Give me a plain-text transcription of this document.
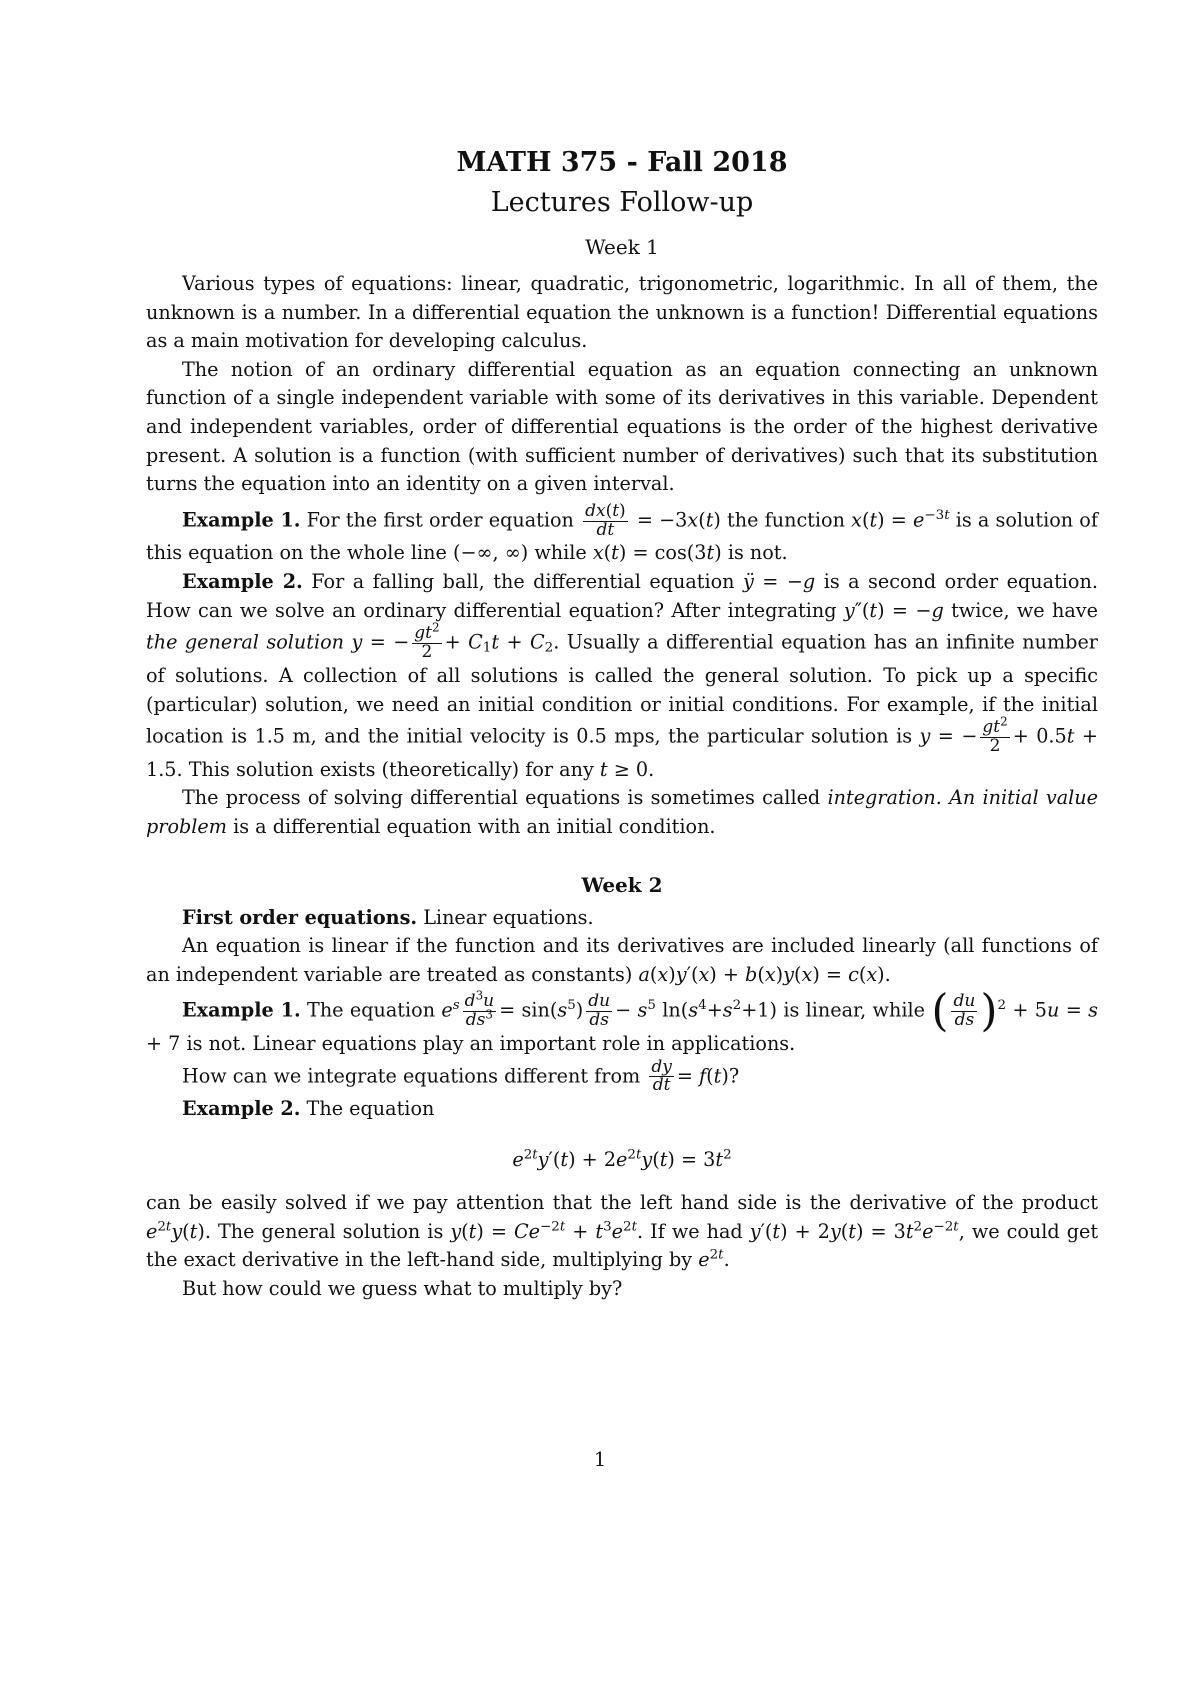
MATH 375 - Fall 2018
Lectures Follow-up
Week 1

Various types of equations: linear, quadratic, trigonometric, logarithmic. In all of them, the unknown is a number. In a differential equation the unknown is a function! Differential equations as a main motivation for developing calculus.

The notion of an ordinary differential equation as an equation connecting an unknown function of a single independent variable with some of its derivatives in this variable. Dependent and independent variables, order of differential equations is the order of the highest derivative present. A solution is a function (with sufficient number of derivatives) such that its substitution turns the equation into an identity on a given interval.

Example 1. For the first order equation $\frac{dx(t)}{dt} = -3x(t)$ the function $x(t) = e^{-3t}$ is a solution of this equation on the whole line (−∞, ∞) while x(t) = cos(3t) is not.

Example 2. For a falling ball, the differential equation ÿ = −g is a second order equation. How can we solve an ordinary differential equation? After integrating y″(t) = −g twice, we have the general solution y = − $\frac{gt^2}{2} + C_1t + C_2$. Usually a differential equation has an infinite number of solutions. A collection of all solutions is called the general solution. To pick up a specific (particular) solution, we need an initial condition or initial conditions. For example, if the initial location is 1.5 m, and the initial velocity is 0.5 mps, the particular solution is y = − $\frac{gt^2}{2} + 0.5t + 1.5$. This solution exists (theoretically) for any t ≥ 0.

The process of solving differential equations is sometimes called integration. An initial value problem is a differential equation with an initial condition.

Week 2

First order equations. Linear equations.

An equation is linear if the function and its derivatives are included linearly (all functions of an independent variable are treated as constants) a(x)y′(x) + b(x)y(x) = c(x).

Example 1. The equation $e^s \frac{d^3u}{ds^3} = \sin(s^5) \frac{du}{ds} - s^5$ $\ln(s^4+s^2+1)$ is linear, while ( $\frac{du}{ds} )^2 + 5u = s + 7$ is not. Linear equations play an important role in applications.

How can we integrate equations different from $\frac{dy}{dt} = f(t)$?

Example 2. The equation

$e^{2t}y'(t) + 2e^{2t}y(t) = 3t^2$

can be easily solved if we pay attention that the left hand side is the derivative of the product $e^{2t}y(t)$. The general solution is $y(t) = Ce^{-2t} + t^3e^{2t}$. If we had $y'(t) + 2y(t) = 3t^2e^{-2t}$, we could get the exact derivative in the left-hand side, multiplying by $e^{2t}$.

But how could we guess what to multiply by?

1
